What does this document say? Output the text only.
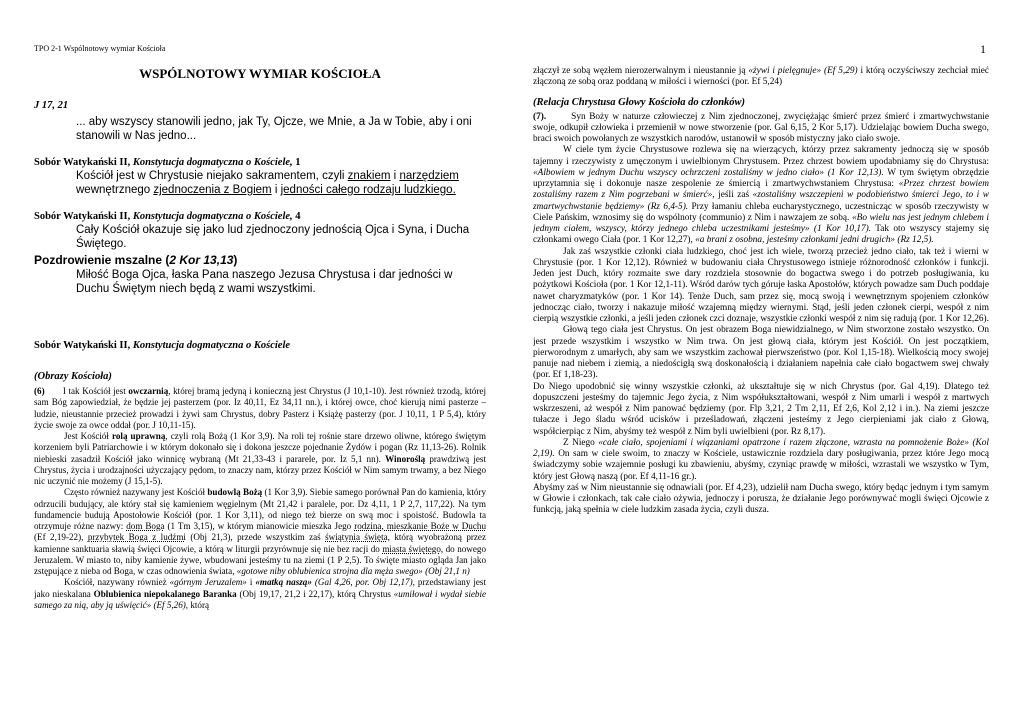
TPO 2-1 Wspólnotowy wymiar Kościoła	1
WSPÓLNOTOWY WYMIAR KOŚCIOŁA
J 17, 21
... aby wszyscy stanowili jedno, jak Ty, Ojcze, we Mnie, a Ja w Tobie, aby i oni stanowili w Nas jedno...
Sobór Watykański II, Konstytucja dogmatyczna o Kościele, 1
Kościół jest w Chrystusie niejako sakramentem, czyli znakiem i narzędziem wewnętrznego zjednoczenia z Bogiem i jedności całego rodzaju ludzkiego.
Sobór Watykański II, Konstytucja dogmatyczna o Kościele, 4
Cały Kościół okazuje się jako lud zjednoczony jednością Ojca i Syna, i Ducha Świętego.
Pozdrowienie mszalne (2 Kor 13,13)
Miłość Boga Ojca, łaska Pana naszego Jezusa Chrystusa i dar jedności w Duchu Świętym niech będą z wami wszystkimi.
Sobór Watykański II, Konstytucja dogmatyczna o Kościele
(Obrazy Kościoła)

(6) I tak Kościół jest owczarnią, której bramą jedyną i konieczną jest Chrystus (J 10,1-10). Jest również trzodą, której sam Bóg zapowiedział, że będzie jej pasterzem (por. Iz 40,11, Ez 34,11 nn.), i której owce, choć kierują nimi pasterze – ludzie, nieustannie przecież prowadzi i żywi sam Chrystus, dobry Pasterz i Książę pasterzy (por. J 10,11, 1 P 5,4), który życie swoje za owce oddał (por. J 10,11-15).

Jest Kościół rolą uprawną, czyli rolą Bożą (1 Kor 3,9). Na roli tej rośnie stare drzewo oliwne, którego świętym korzeniem byli Patriarchowie i w którym dokonało się i dokona jeszcze pojednanie Żydów i pogan (Rz 11,13-26). Rolnik niebieski zasadził Kościół jako winnicę wybraną (Mt 21,33-43 i pararele, por. Iz 5,1 nn). Winoroślą prawdziwą jest Chrystus, życia i urodzajności użyczający pędom, to znaczy nam, którzy przez Kościół w Nim samym trwamy, a bez Niego nic uczynić nie możemy (J 15,1-5).

Często również nazywany jest Kościół budowlą Bożą (1 Kor 3,9). Siebie samego porównał Pan do kamienia, który odrzucili budujący, ale który stał się kamieniem węgielnym (Mt 21,42 i paralele, por. Dz 4,11, 1 P 2,7, 117,22). Na tym fundamencie budują Apostołowie Kościół (por. 1 Kor 3,11), od niego też bierze on swą moc i spoistość. Budowla ta otrzymuje różne nazwy: dom Boga (1 Tm 3,15), w którym mianowicie mieszka Jego rodzina, mieszkanie Boże w Duchu (Ef 2,19-22), przybytek Boga z ludźmi (Obj 21,3), przede wszystkim zaś świątynia święta, którą wyobrażoną przez kamienne sanktuaria sławią święci Ojcowie, a którą w liturgii przyrównuje się nie bez racji do miasta świętego, do nowego Jeruzalem. W miasto to, niby kamienie żywe, wbudowani jesteśmy tu na ziemi (1 P 2,5). To święte miasto ogląda Jan jako zstępujące z nieba od Boga, w czas odnowienia świata, «gotowe niby oblubienica strojna dla męża swego» (Obj 21,1 n)

Kościół, nazywany również «górnym Jeruzalem» i «matką naszą» (Gal 4,26, por. Obj 12,17), przedstawiany jest jako nieskalana Oblubienica niepokalanego Baranka (Obj 19,17, 21,2 i 22,17), którą Chrystus «umiłował i wydał siebie samego za nią, aby ją uświęcić» (Ef 5,26), którą

złączył ze sobą węzłem nierozerwalnym i nieustannie ją «żywi i pielęgnuje» (Ef 5,29) i którą oczyściwszy zechciał mieć złączoną ze sobą oraz poddaną w miłości i wierności (por. Ef 5,24)

(Relacja Chrystusa Głowy Kościoła do członków)

(7).	Syn Boży w naturze człowieczej z Nim zjednoczonej, zwyciężając śmierć przez śmierć i zmartwychwstanie swoje, odkupił człowieka i przemienił w nowe stworzenie (por. Gal 6,15, 2 Kor 5,17). Udzielając bowiem Ducha swego, braci swoich powołanych ze wszystkich narodów, ustanowił w sposób mistyczny jako ciało swoje.

W ciele tym życie Chrystusowe rozlewa się na wierzących, którzy przez sakramenty jednoczą się w sposób tajemny i rzeczywisty z umęczonym i uwielbionym Chrystusem. Przez chrzest bowiem upodabniamy się do Chrystusa: «Albowiem w jednym Duchu wszyscy ochrzczeni zostaliśmy w jedno ciało» (1 Kor 12,13). W tym świętym obrzędzie uprzytamnia się i dokonuje nasze zespolenie ze śmiercią i zmartwychwstaniem Chrystusa: «Przez chrzest bowiem zostaliśmy razem z Nim pogrzebani w śmierć», jeśli zaś «zostaliśmy wszczepieni w podobieństwo śmierci Jego, to i w zmartwychwstanie będziemy» (Rz 6,4-5). Przy łamaniu chleba eucharystycznego, uczestnicząc w sposób rzeczywisty w Ciele Pańskim, wznosimy się do wspólnoty (communio) z Nim i nawzajem ze sobą. «Bo wielu nas jest jednym chlebem i jednym ciałem, wszyscy, którzy jednego chleba uczestnikami jesteśmy» (1 Kor 10,17). Tak oto wszyscy stajemy się członkami owego Ciała (por. 1 Kor 12,27), «a brani z osobna, jesteśmy członkami jedni drugich» (Rz 12,5).

Jak zaś wszystkie członki ciała ludzkiego, choć jest ich wiele, tworzą przecież jedno ciało, tak też i wierni w Chrystusie (por. 1 Kor 12,12). Również w budowaniu ciała Chrystusowego istnieje różnorodność członków i funkcji. Jeden jest Duch, który rozmaite swe dary rozdziela stosownie do bogactwa swego i do potrzeb posługiwania, ku pożytkowi Kościoła (por. 1 Kor 12,1-11). Wśród darów tych góruje łaska Apostołów, których powadze sam Duch poddaje nawet charyzmatyków (por. 1 Kor 14). Tenże Duch, sam przez się, mocą swoją i wewnętrznym spojeniem członków jednocząc ciało, tworzy i nakazuje miłość wzajemną między wiernymi. Stąd, jeśli jeden członek cierpi, wespół z nim cierpią wszystkie członki, a jeśli jeden członek czci doznaje, wszystkie członki wespół z nim się radują (por. 1 Kor 12,26).

Głową tego ciała jest Chrystus. On jest obrazem Boga niewidzialnego, w Nim stworzone zostało wszystko. On jest przede wszystkim i wszystko w Nim trwa. On jest głową ciała, którym jest Kościół. On jest początkiem, pierworodnym z umarłych, aby sam we wszystkim zachował pierwszeństwo (por. Kol 1,15-18). Wielkością mocy swojej panuje nad niebem i ziemią, a niedościgłą swą doskonałością i działaniem napełnia całe ciało bogactwem swej chwały (por. Ef 1,18-23).

Do Niego upodobnić się winny wszystkie członki, aż ukształtuje się w nich Chrystus (por. Gal 4,19). Dlatego też dopuszczeni jesteśmy do tajemnic Jego życia, z Nim współukształtowani, wespół z Nim umarli i wespół z martwych wskrzeszeni, aż wespół z Nim panować będziemy (por. Flp 3,21, 2 Tm 2,11, Ef 2,6, Kol 2,12 i in.). Na ziemi jeszcze tułacze i Jego śladu wśród ucisków i prześladowań, złączeni jesteśmy z Jego cierpieniami jak ciało z Głową, współcierpiąc z Nim, abyśmy też wespół z Nim byli uwielbieni (por. Rz 8,17).

Z Niego «całe ciało, spojeniami i wiązaniami opatrzone i razem złączone, wzrasta na pomnożenie Boże» (Kol 2,19). On sam w ciele swoim, to znaczy w Kościele, ustawicznie rozdziela dary posługiwania, przez które Jego mocą świadczymy sobie wzajemnie posługi ku zbawieniu, abyśmy, czyniąc prawdę w miłości, wzrastali we wszystko w Tym, który jest Głową naszą (por. Ef 4,11-16 gr.).

Abyśmy zaś w Nim nieustannie się odnawiali (por. Ef 4,23), udzielił nam Ducha swego, który będąc jednym i tym samym w Głowie i członkach, tak całe ciało ożywia, jednoczy i porusza, że działanie Jego porównywać mogli święci Ojcowie z funkcją, jaką spełnia w ciele ludzkim zasada życia, czyli dusza.
